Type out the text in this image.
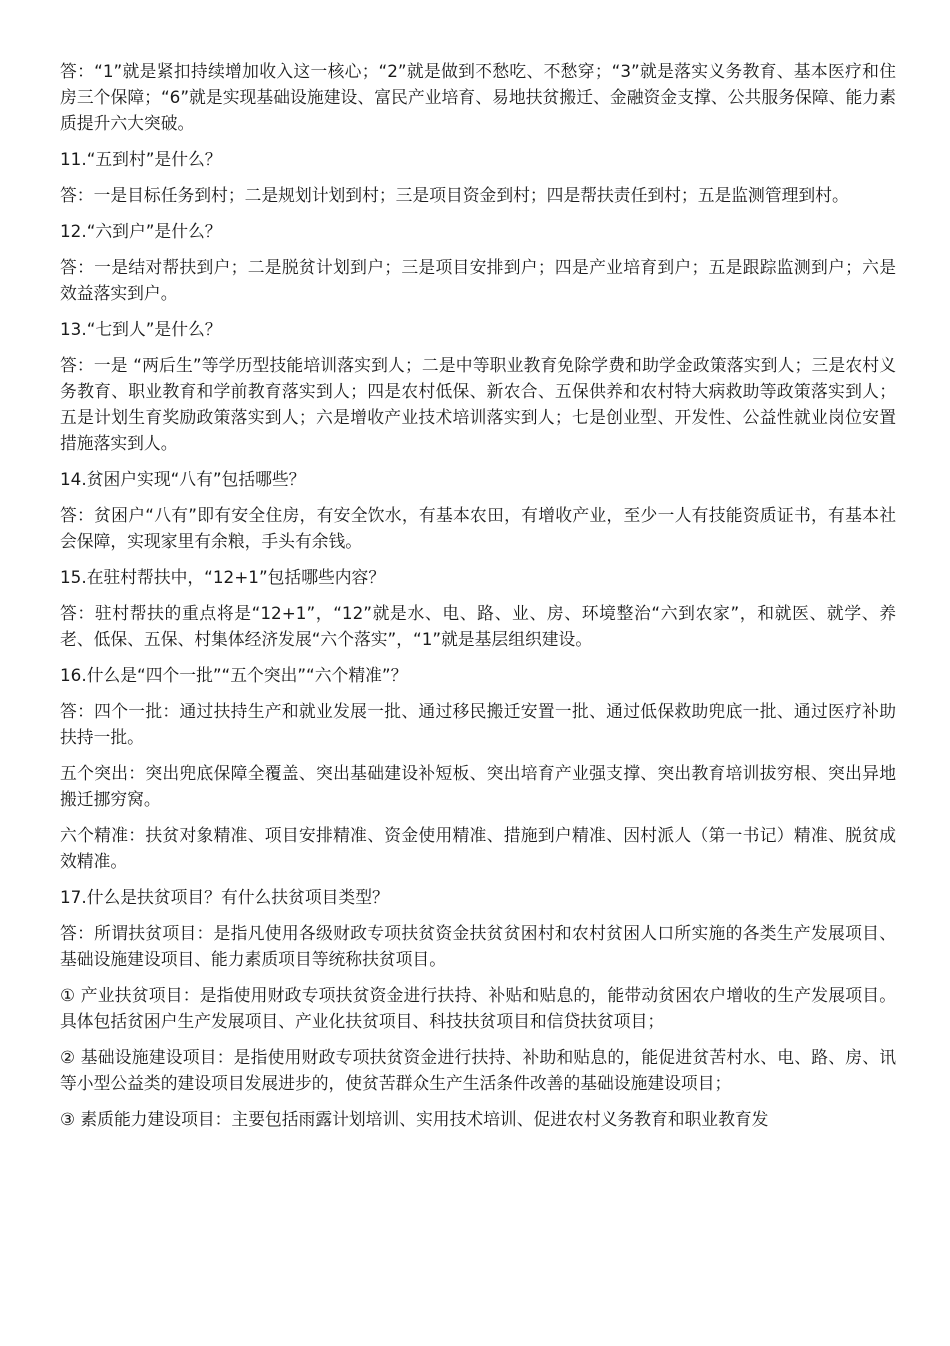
答：“1”就是紧扣持续增加收入这一核心；“2”就是做到不愁吃、不愁穿；“3”就是落实义务教育、基本医疗和住房三个保障；“6”就是实现基础设施建设、富民产业培育、易地扶贫搬迁、金融资金支撑、公共服务保障、能力素质提升六大突破。

11.“五到村”是什么？

答：一是目标任务到村；二是规划计划到村；三是项目资金到村；四是帮扶责任到村；五是监测管理到村。

12.“六到户”是什么？

答：一是结对帮扶到户；二是脱贫计划到户；三是项目安排到户；四是产业培育到户；五是跟踪监测到户；六是效益落实到户。

13.“七到人”是什么？

答：一是 “两后生”等学历型技能培训落实到人；二是中等职业教育免除学费和助学金政策落实到人；三是农村义务教育、职业教育和学前教育落实到人；四是农村低保、新农合、五保供养和农村特大病救助等政策落实到人；五是计划生育奖励政策落实到人；六是增收产业技术培训落实到人；七是创业型、开发性、公益性就业岗位安置措施落实到人。

14.贫困户实现“八有”包括哪些？

答：贫困户“八有”即有安全住房，有安全饮水，有基本农田，有增收产业，至少一人有技能资质证书，有基本社会保障，实现家里有余粮，手头有余钱。

15.在驻村帮扶中，“12+1”包括哪些内容？

答：驻村帮扶的重点将是“12+1”，“12”就是水、电、路、业、房、环境整治“六到农家”，和就医、就学、养老、低保、五保、村集体经济发展“六个落实”，“1”就是基层组织建设。

16.什么是“四个一批”“五个突出”“六个精准”？

答：四个一批：通过扶持生产和就业发展一批、通过移民搬迁安置一批、通过低保救助兜底一批、通过医疗补助扶持一批。

五个突出：突出兜底保障全覆盖、突出基础建设补短板、突出培育产业强支撑、突出教育培训拔穷根、突出异地搬迁挪穷窝。

六个精准：扶贫对象精准、项目安排精准、资金使用精准、措施到户精准、因村派人（第一书记）精准、脱贫成效精准。

17.什么是扶贫项目？有什么扶贫项目类型？

答：所谓扶贫项目：是指凡使用各级财政专项扶贫资金扶贫贫困村和农村贫困人口所实施的各类生产发展项目、基础设施建设项目、能力素质项目等统称扶贫项目。

① 产业扶贫项目：是指使用财政专项扶贫资金进行扶持、补贴和贴息的，能带动贫困农户增收的生产发展项目。具体包括贫困户生产发展项目、产业化扶贫项目、科技扶贫项目和信贷扶贫项目；

② 基础设施建设项目：是指使用财政专项扶贫资金进行扶持、补助和贴息的，能促进贫苦村水、电、路、房、讯等小型公益类的建设项目发展进步的，使贫苦群众生产生活条件改善的基础设施建设项目；

③ 素质能力建设项目：主要包括雨露计划培训、实用技术培训、促进农村义务教育和职业教育发
